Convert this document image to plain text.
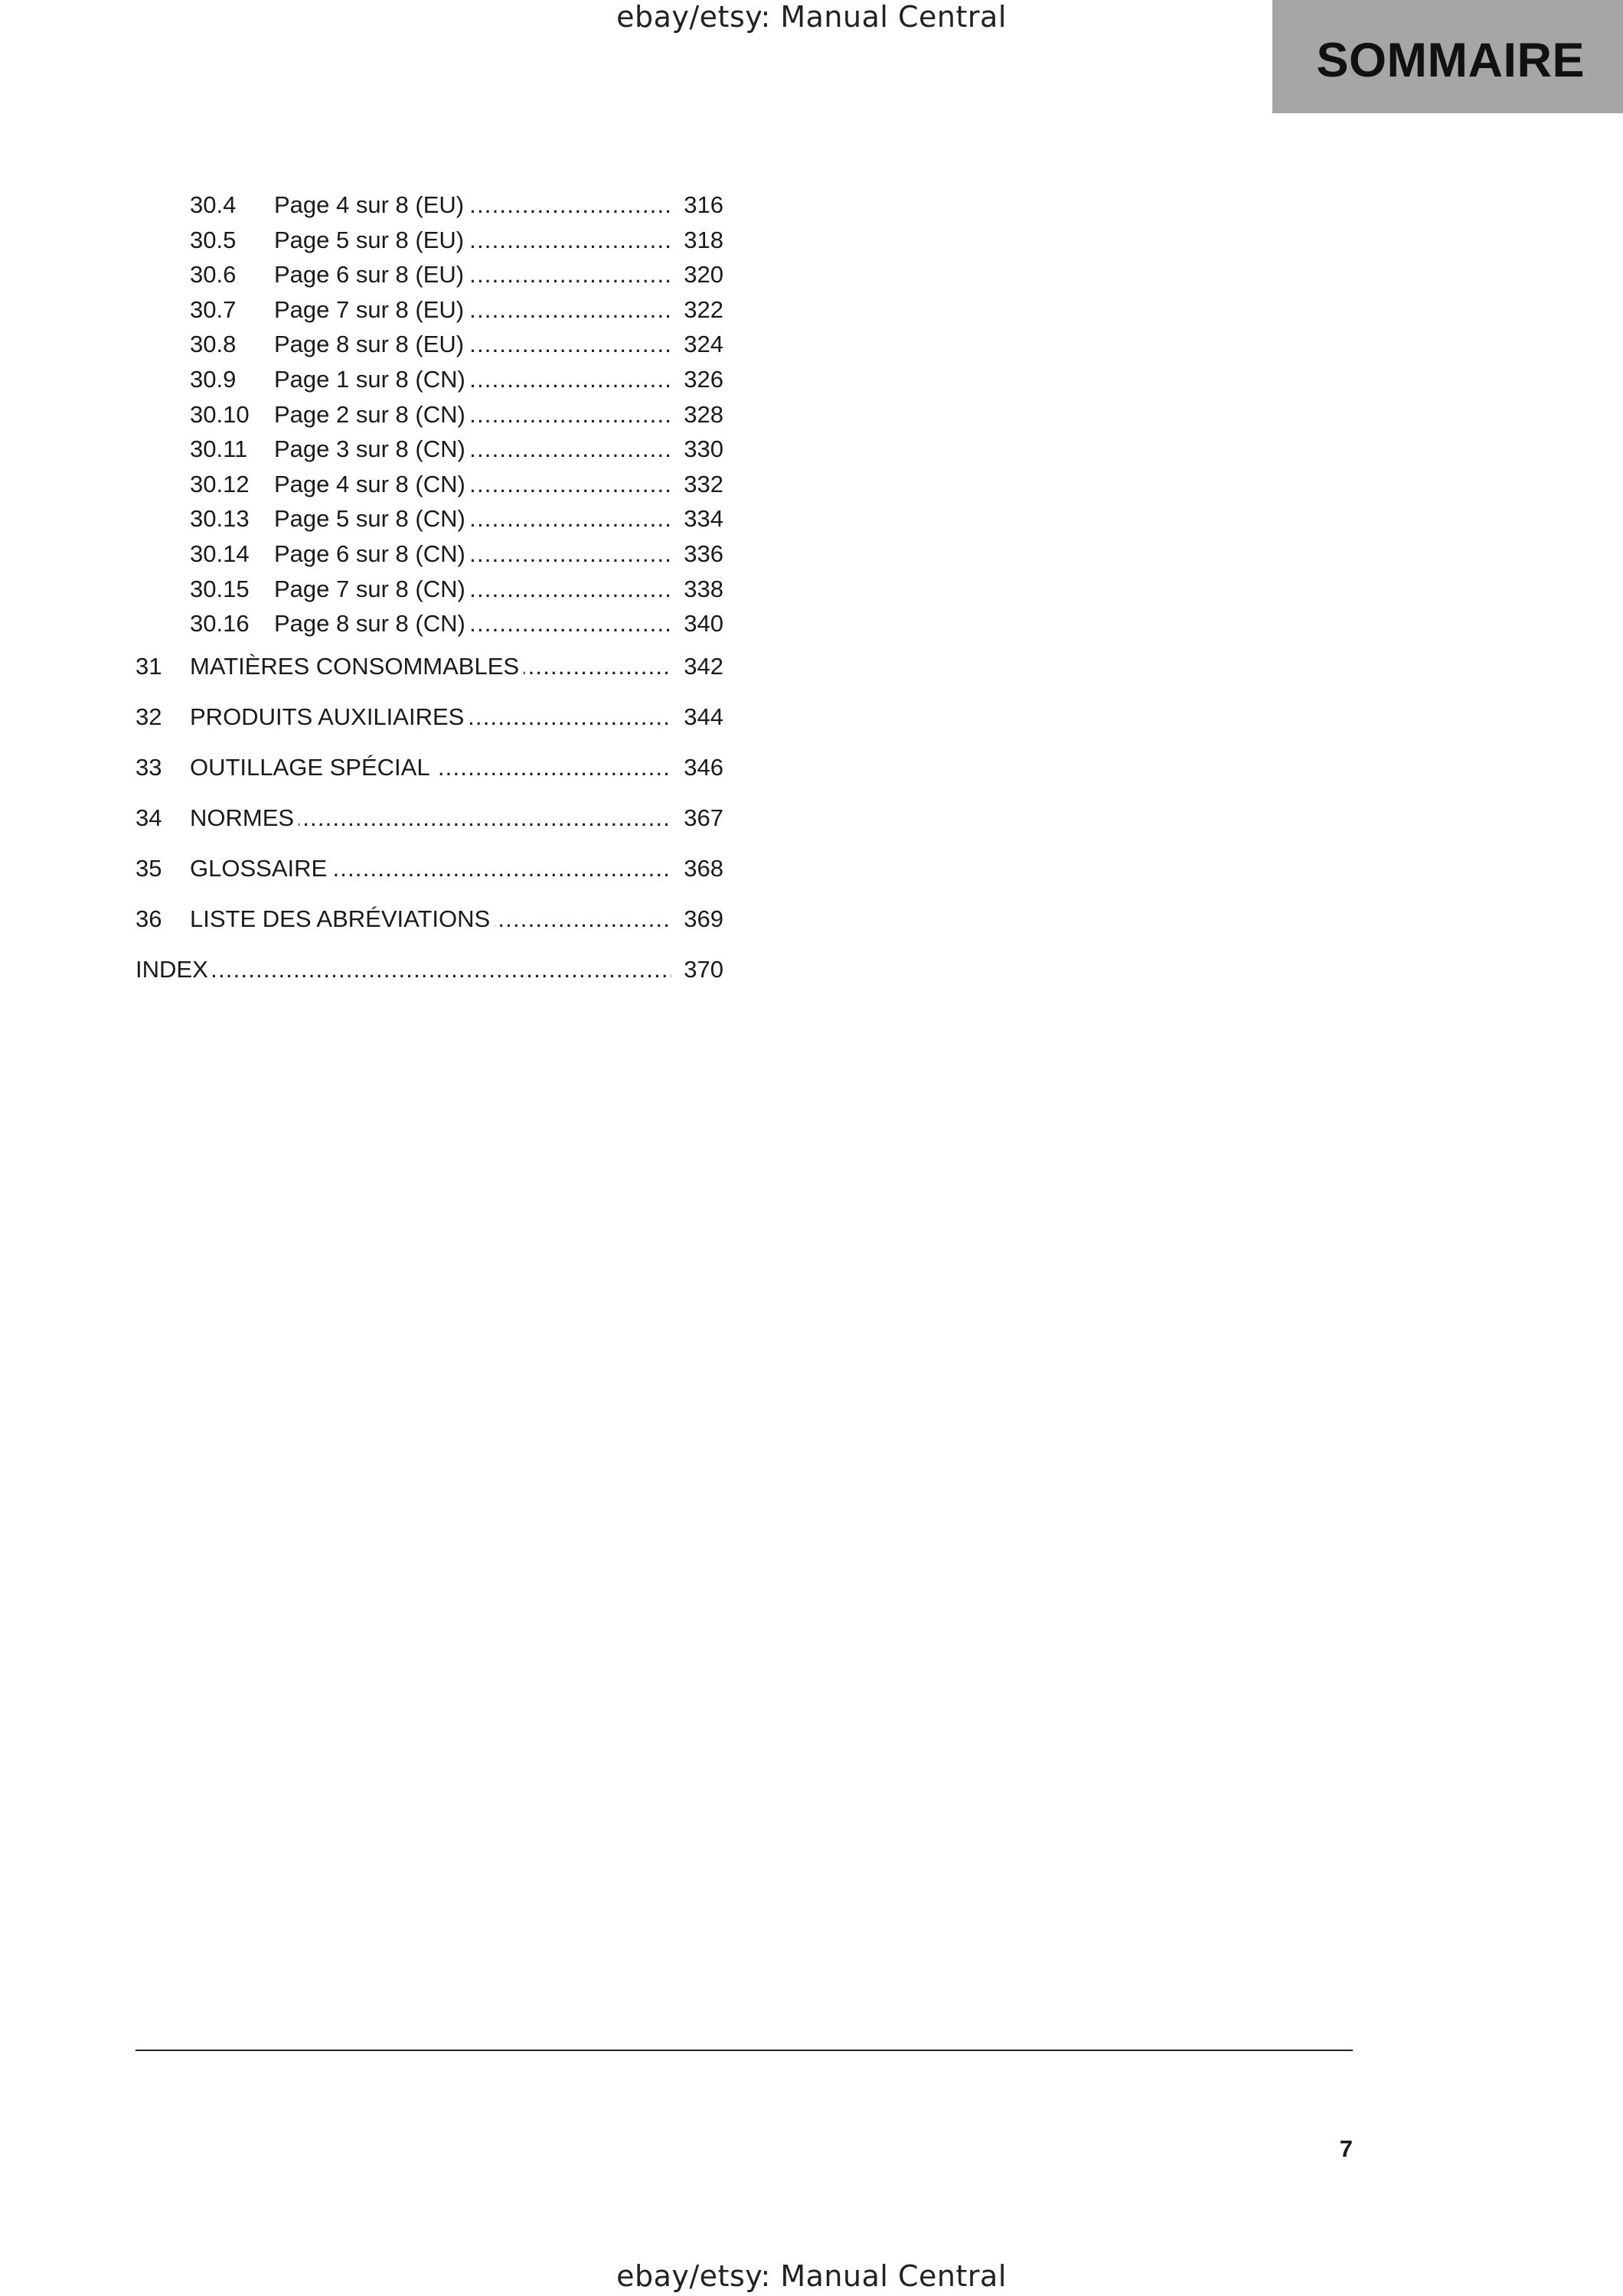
ebay/etsy: Manual Central
SOMMAIRE
30.4 Page 4 sur 8 (EU) .....	316
30.5 Page 5 sur 8 (EU) .....	318
30.6 Page 6 sur 8 (EU) .....	320
30.7 Page 7 sur 8 (EU) .....	322
30.8 Page 8 sur 8 (EU) .....	324
30.9 Page 1 sur 8 (CN) .....	326
30.10 Page 2 sur 8 (CN) .....	328
30.11 Page 3 sur 8 (CN) .....	330
30.12 Page 4 sur 8 (CN) .....	332
30.13 Page 5 sur 8 (CN) .....	334
30.14 Page 6 sur 8 (CN) .....	336
30.15 Page 7 sur 8 (CN) .....	338
30.16 Page 8 sur 8 (CN) .....	340
31 MATIÈRES CONSOMMABLES .....	342
32 PRODUITS AUXILIAIRES .....	344
33 OUTILLAGE SPÉCIAL .....	346
34 NORMES .....	367
35 GLOSSAIRE .....	368
36 LISTE DES ABRÉVIATIONS .....	369
INDEX .....	370
7
ebay/etsy: Manual Central
